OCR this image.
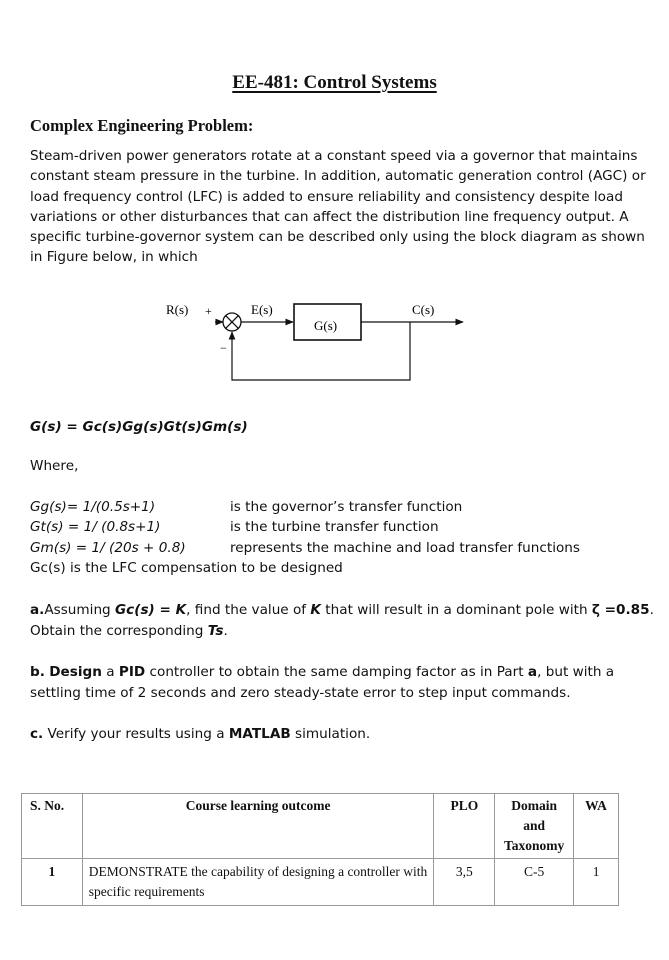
EE-481: Control Systems
Complex Engineering Problem:
Steam-driven power generators rotate at a constant speed via a governor that maintains constant steam pressure in the turbine. In addition, automatic generation control (AGC) or load frequency control (LFC) is added to ensure reliability and consistency despite load variations or other disturbances that can affect the distribution line frequency output. A specific turbine-governor system can be described only using the block diagram as shown in Figure below, in which
R(s) +
−
E(s)
G(s)
C(s)
G(s) = Gc(s)Gg(s)Gt(s)Gm(s)
Where,
Gg(s)= 1/(0.5s+1)	is the governor’s transfer function
Gt(s) = 1/ (0.8s+1)	is the turbine transfer function
Gm(s) = 1/ (20s + 0.8)	represents the machine and load transfer functions
Gc(s) is the LFC compensation to be designed
a.Assuming Gc(s) = K, find the value of K that will result in a dominant pole with ζ =0.85. Obtain the corresponding Ts.
b. Design a PID controller to obtain the same damping factor as in Part a, but with a settling time of 2 seconds and zero steady-state error to step input commands.
c. Verify your results using a MATLAB simulation.
S. No.	Course learning outcome	PLO	Domain and Taxonomy	WA
1	DEMONSTRATE the capability of designing a controller with specific requirements	3,5	C-5	1
